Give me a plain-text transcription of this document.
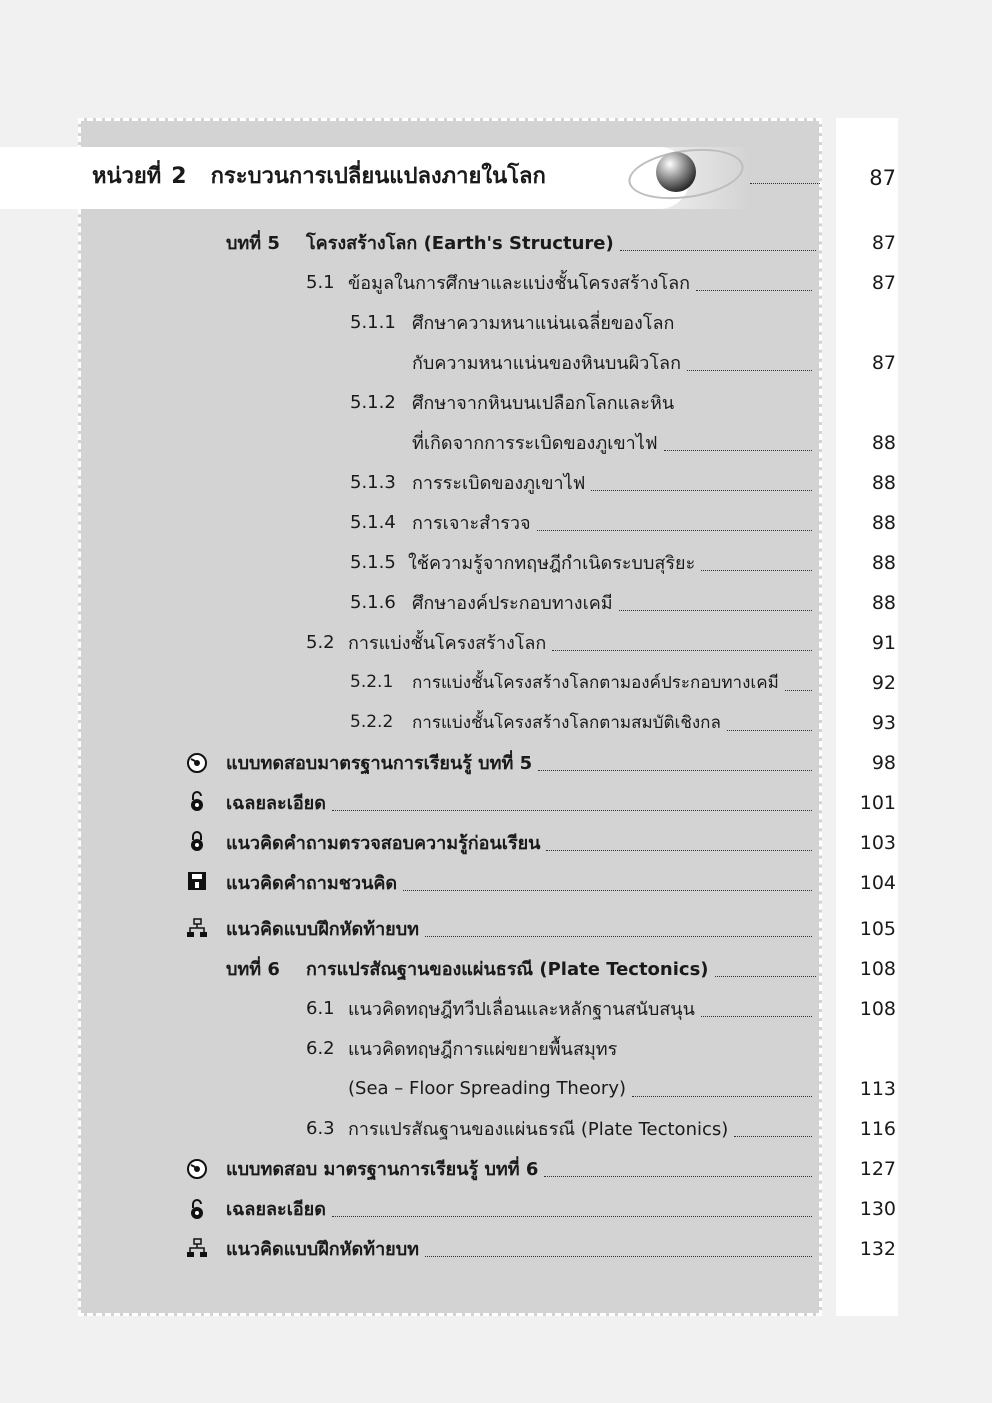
หน่วยที่ 2 กระบวนการเปลี่ยนแปลงภายในโลก	87
บทที่ 5	โครงสร้างโลก (Earth's Structure)	87
5.1 ข้อมูลในการศึกษาและแบ่งชั้นโครงสร้างโลก	87
5.1.1 ศึกษาความหนาแน่นเฉลี่ยของโลก
กับความหนาแน่นของหินบนผิวโลก	87
5.1.2 ศึกษาจากหินบนเปลือกโลกและหิน
ที่เกิดจากการระเบิดของภูเขาไฟ	88
5.1.3 การระเบิดของภูเขาไฟ	88
5.1.4 การเจาะสำรวจ	88
5.1.5 ใช้ความรู้จากทฤษฎีกำเนิดระบบสุริยะ	88
5.1.6 ศึกษาองค์ประกอบทางเคมี	88
5.2 การแบ่งชั้นโครงสร้างโลก	91
5.2.1	การแบ่งชั้นโครงสร้างโลกตามองค์ประกอบทางเคมี	92
5.2.2	การแบ่งชั้นโครงสร้างโลกตามสมบัติเชิงกล	93
แบบทดสอบมาตรฐานการเรียนรู้ บทที่ 5	98
เฉลยละเอียด	101
แนวคิดคำถามตรวจสอบความรู้ก่อนเรียน	103
แนวคิดคำถามชวนคิด	104
แนวคิดแบบฝึกหัดท้ายบท	105
บทที่ 6	การแปรสัณฐานของแผ่นธรณี (Plate Tectonics)	108
6.1 แนวคิดทฤษฎีทวีปเลื่อนและหลักฐานสนับสนุน	108
6.2 แนวคิดทฤษฎีการแผ่ขยายพื้นสมุทร
(Sea – Floor Spreading Theory)	113
6.3 การแปรสัณฐานของแผ่นธรณี (Plate Tectonics)	116
แบบทดสอบ มาตรฐานการเรียนรู้ บทที่ 6	127
เฉลยละเอียด	130
แนวคิดแบบฝึกหัดท้ายบท	132
